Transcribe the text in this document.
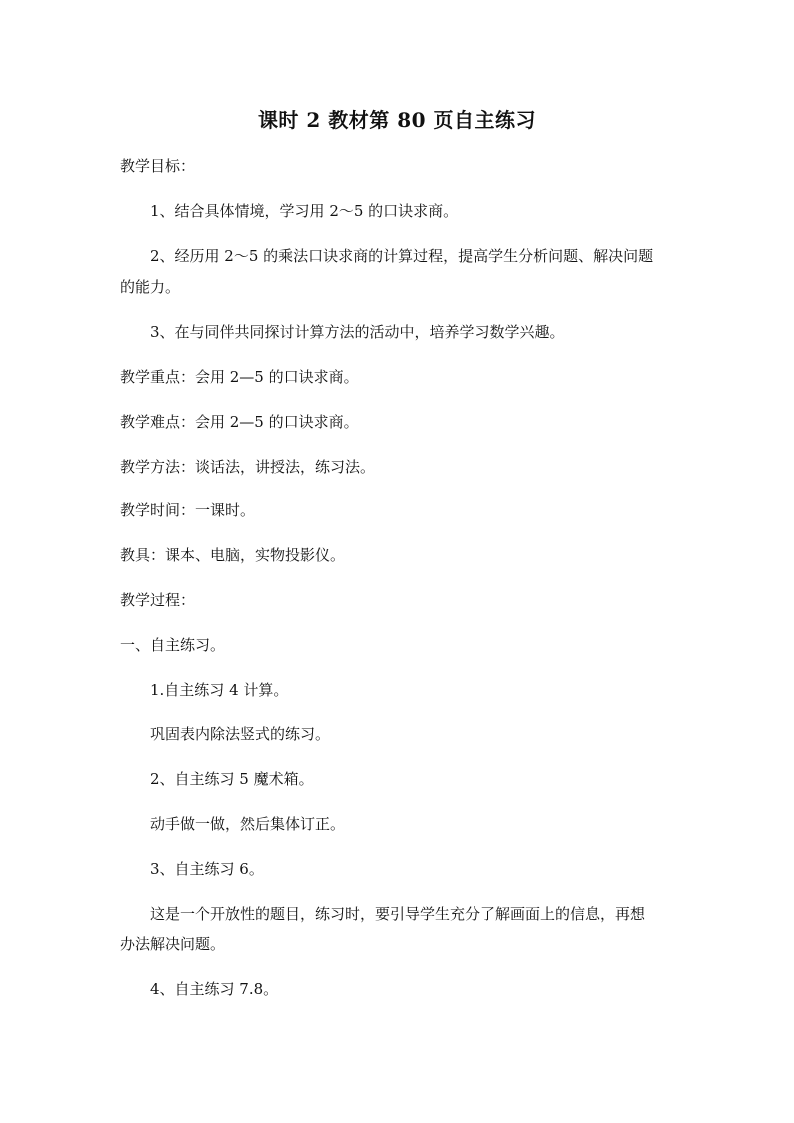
课时 2 教材第 80 页自主练习
教学目标：
1、结合具体情境，学习用 2～5 的口诀求商。
2、经历用 2～5 的乘法口诀求商的计算过程，提高学生分析问题、解决问题
的能力。
3、在与同伴共同探讨计算方法的活动中，培养学习数学兴趣。
教学重点：会用 2—5 的口诀求商。
教学难点：会用 2—5 的口诀求商。
教学方法：谈话法，讲授法，练习法。
教学时间：一课时。
教具：课本、电脑，实物投影仪。
教学过程：
一、自主练习。
1.自主练习 4 计算。
巩固表内除法竖式的练习。
2、自主练习 5 魔术箱。
动手做一做，然后集体订正。
3、自主练习 6。
这是一个开放性的题目，练习时，要引导学生充分了解画面上的信息，再想
办法解决问题。
4、自主练习 7.8。
